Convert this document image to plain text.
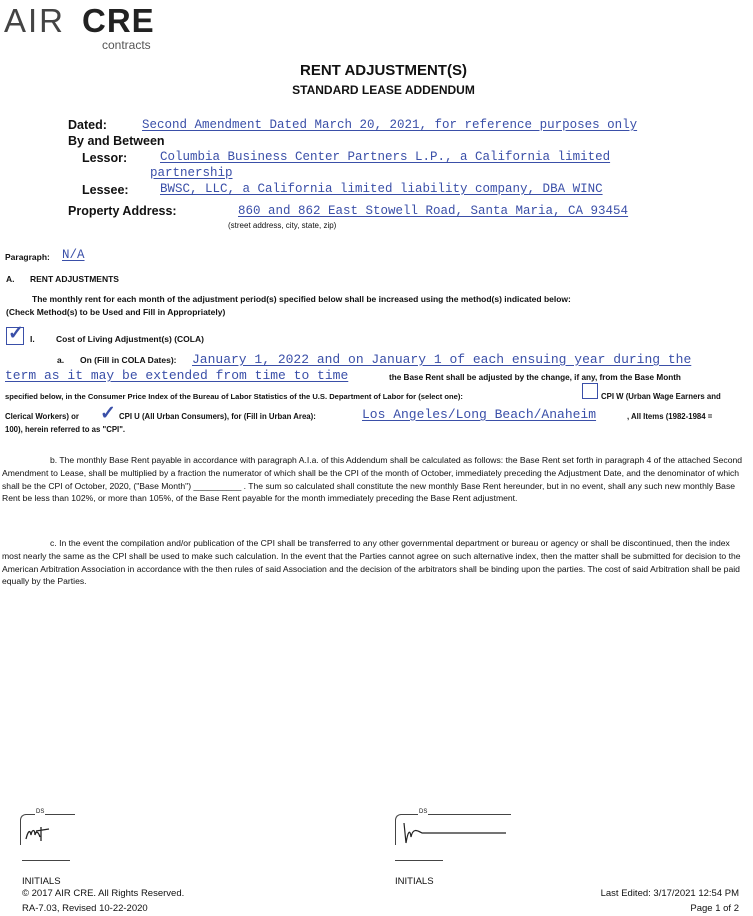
AIR CRE
contracts
RENT ADJUSTMENT(S)
STANDARD LEASE ADDENDUM
Dated:	Second Amendment Dated March 20, 2021, for reference purposes only
By and Between
Lessor:	Columbia Business Center Partners L.P., a California limited
partnership
Lessee:	BWSC, LLC, a California limited liability company, DBA WINC
Property Address:	860 and 862 East Stowell Road, Santa Maria, CA 93454
(street address, city, state, zip)
Paragraph: N/A
A. RENT ADJUSTMENTS
The monthly rent for each month of the adjustment period(s) specified below shall be increased using the method(s) indicated below:
(Check Method(s) to be Used and Fill in Appropriately)
✓ I.	Cost of Living Adjustment(s) (COLA)
a. On (Fill in COLA Dates): January 1, 2022 and on January 1 of each ensuing year during the
term as it may be extended from time to time	the Base Rent shall be adjusted by the change, if any, from the Base Month
specified below, in the Consumer Price Index of the Bureau of Labor Statistics of the U.S. Department of Labor for (select one):	CPI W (Urban Wage Earners and
Clerical Workers) or ✓ CPI U (All Urban Consumers), for (Fill in Urban Area):	Los Angeles/Long Beach/Anaheim	, All Items (1982-1984 =
100), herein referred to as "CPI".
b. The monthly Base Rent payable in accordance with paragraph A.I.a. of this Addendum shall be calculated as follows: the Base Rent set forth in paragraph 4 of the attached Second Amendment to Lease, shall be multiplied by a fraction the numerator of which shall be the CPI of the month of October, immediately preceding the Adjustment Date, and the denominator of which shall be the CPI of October, 2020, ("Base Month") __________ . The sum so calculated shall constitute the new monthly Base Rent hereunder, but in no event, shall any such new monthly Base Rent be less than 102%, or more than 105%, of the Base Rent payable for the month immediately preceding the Base Rent adjustment.
c. In the event the compilation and/or publication of the CPI shall be transferred to any other governmental department or bureau or agency or shall be discontinued, then the index most nearly the same as the CPI shall be used to make such calculation. In the event that the Parties cannot agree on such alternative index, then the matter shall be submitted for decision to the American Arbitration Association in accordance with the then rules of said Association and the decision of the arbitrators shall be binding upon the parties. The cost of said Arbitration shall be paid equally by the Parties.
DS
INITIALS
DS
INITIALS
© 2017 AIR CRE. All Rights Reserved.
RA-7.03, Revised 10-22-2020
Last Edited: 3/17/2021 12:54 PM
Page 1 of 2
